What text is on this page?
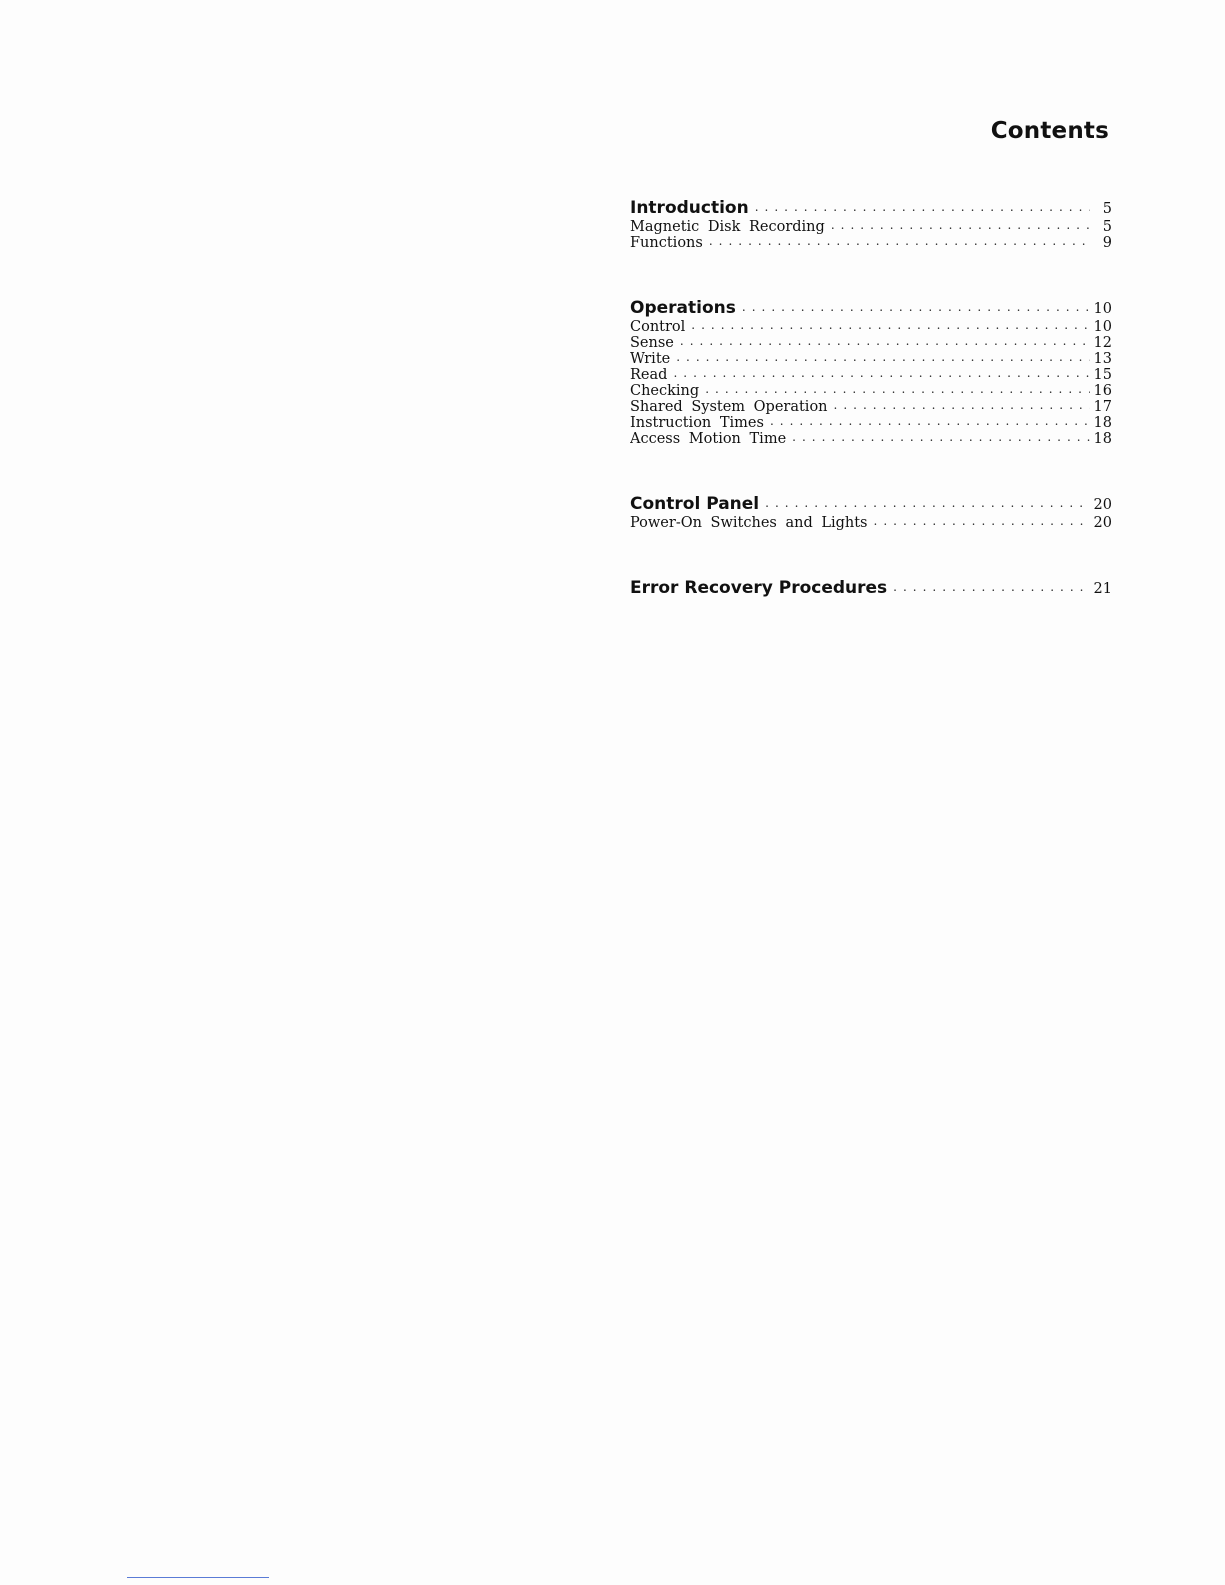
Contents
Introduction .....	5
Magnetic Disk Recording .....	5
Functions .....	9
Operations .....	10
Control .....	10
Sense .....	12
Write .....	13
Read .....	15
Checking .....	16
Shared System Operation .....	17
Instruction Times .....	18
Access Motion Time .....	18
Control Panel .....	20
Power-On Switches and Lights .....	20
Error Recovery Procedures .....	21
